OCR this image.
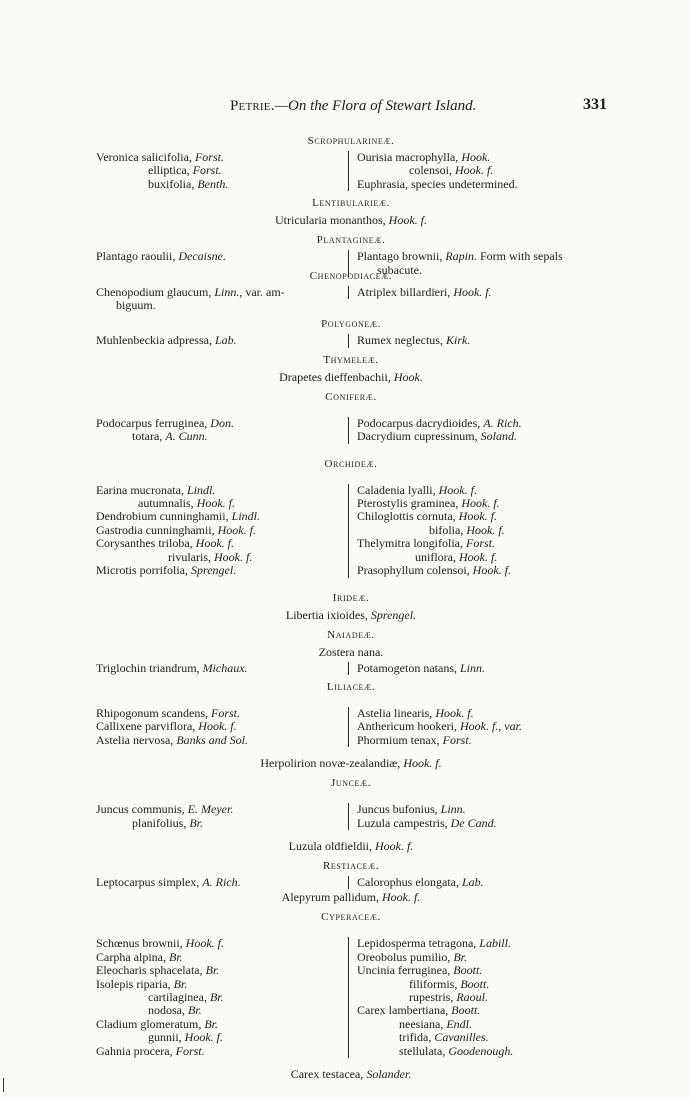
Petrie.—On the Flora of Stewart Island.	331
Scrophularineæ.
Veronica salicifolia, Forst.
elliptica, Forst.
buxifolia, Benth.
Ourisia macrophylla, Hook.
colensoi, Hook. f.
Euphrasia, species undetermined.
Lentibularieæ.
Utricularia monanthos, Hook. f.
Plantagineæ.
Plantago raoulii, Decaisne.	Plantago brownii, Rapin. Form with sepals
subacute.
Chenopodiaceæ.
Chenopodium glaucum, Linn., var. am-
biguum.
Atriplex billardieri, Hook. f.
Polygoneæ.
Muhlenbeckia adpressa, Lab.	Rumex neglectus, Kirk.
Thymeleæ.
Drapetes dieffenbachii, Hook.
Coniferæ.
Podocarpus ferruginea, Don.
totara, A. Cunn.
Podocarpus dacrydioides, A. Rich.
Dacrydium cupressinum, Soland.
Orchideæ.
Earina mucronata, Lindl.
autumnalis, Hook. f.
Dendrobium cunninghamii, Lindl.
Gastrodia cunninghamii, Hook. f.
Corysanthes triloba, Hook. f.
rivularis, Hook. f.
Microtis porrifolia, Sprengel.
Caladenia lyalli, Hook. f.
Pterostylis graminea, Hook. f.
Chiloglottis cornuta, Hook. f.
bifolia, Hook. f.
Thelymitra longifolia, Forst.
uniflora, Hook. f.
Prasophyllum colensoi, Hook. f.
Irideæ.
Libertia ixioides, Sprengel.
Naiadeæ.
Zostera nana.
Triglochin triandrum, Michaux.	Potamogeton natans, Linn.
Liliaceæ.
Rhipogonum scandens, Forst.
Callixene parviflora, Hook. f.
Astelia nervosa, Banks and Sol.
Astelia linearis, Hook. f.
Anthericum hookeri, Hook. f., var.
Phormium tenax, Forst.
Herpolirion novæ-zealandiæ, Hook. f.
Junceæ.
Juncus communis, E. Meyer.
planifolius, Br.
Juncus bufonius, Linn.
Luzula campestris, De Cand.
Luzula oldfieldii, Hook. f.
Restiaceæ.
Leptocarpus simplex, A. Rich.	Calorophus elongata, Lab.
Alepyrum pallidum, Hook. f.
Cyperaceæ.
Schœnus brownii, Hook. f.
Carpha alpina, Br.
Eleocharis sphacelata, Br.
Isolepis riparia, Br.
cartilaginea, Br.
nodosa, Br.
Cladium glomeratum, Br.
gunnii, Hook. f.
Gahnia procera, Forst.
Lepidosperma tetragona, Labill.
Oreobolus pumilio, Br.
Uncinia ferruginea, Boott.
filiformis, Boott.
rupestris, Raoul.
Carex lambertiana, Boott.
neesiana, Endl.
trifida, Cavanilles.
stellulata, Goodenough.
Carex testacea, Solander.
